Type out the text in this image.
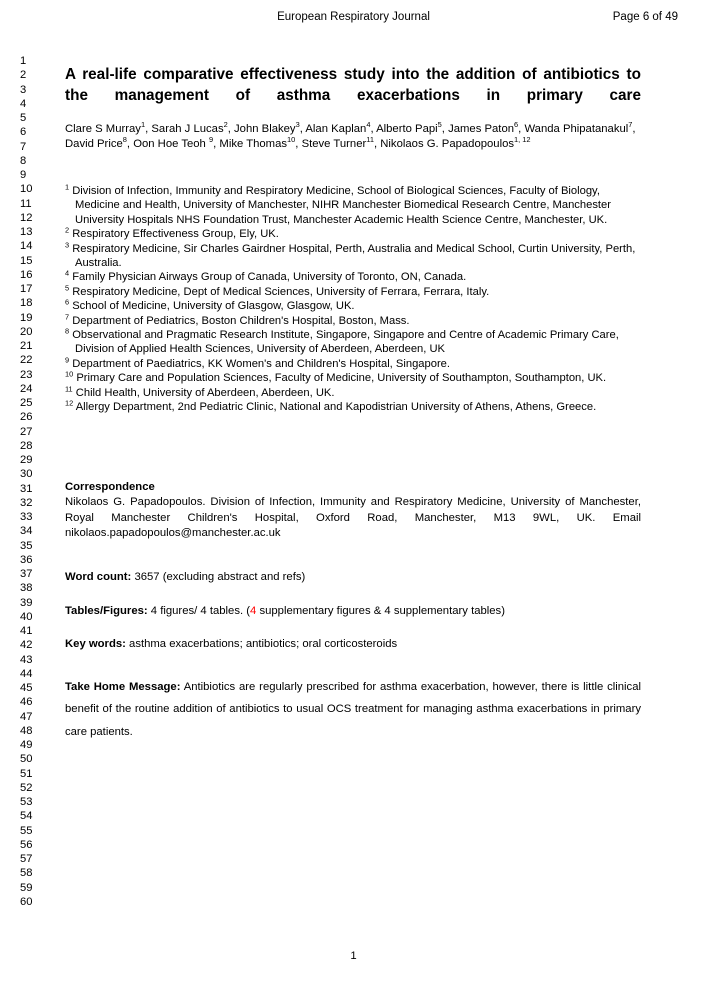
European Respiratory Journal	Page 6 of 49
1
2
3
4
5
6
7
8
9
10
11
12
13
14
15
16
17
18
19
20
21
22
23
24
25
26
27
28
29
30
31
32
33
34
35
36
37
38
39
40
41
42
43
44
45
46
47
48
49
50
51
52
53
54
55
56
57
58
59
60
A real-life comparative effectiveness study into the addition of antibiotics to the management of asthma exacerbations in primary care

Clare S Murray$^1$, Sarah J Lucas$^2$, John Blakey$^3$, Alan Kaplan$^4$, Alberto Papi$^5$, James Paton$^6$, Wanda Phipatanakul$^7$, David Price$^8$, Oon Hoe Teoh $^9$, Mike Thomas$^{10}$, Steve Turner$^{11}$, Nikolaos G. Papadopoulos$^{1, 12}$

$^1$ Division of Infection, Immunity and Respiratory Medicine, School of Biological Sciences, Faculty of Biology, Medicine and Health, University of Manchester, NIHR Manchester Biomedical Research Centre, Manchester University Hospitals NHS Foundation Trust, Manchester Academic Health Science Centre, Manchester, UK.
$^2$ Respiratory Effectiveness Group, Ely, UK.
$^3$ Respiratory Medicine, Sir Charles Gairdner Hospital, Perth, Australia and Medical School, Curtin University, Perth, Australia.
$^4$ Family Physician Airways Group of Canada, University of Toronto, ON, Canada.
$^5$ Respiratory Medicine, Dept of Medical Sciences, University of Ferrara, Ferrara, Italy.
$^6$ School of Medicine, University of Glasgow, Glasgow, UK.
$^7$ Department of Pediatrics, Boston Children's Hospital, Boston, Mass.
$^8$ Observational and Pragmatic Research Institute, Singapore, Singapore and Centre of Academic Primary Care, Division of Applied Health Sciences, University of Aberdeen, Aberdeen, UK
$^9$ Department of Paediatrics, KK Women's and Children's Hospital, Singapore.
$^{10}$ Primary Care and Population Sciences, Faculty of Medicine, University of Southampton, Southampton, UK.
$^{11}$ Child Health, University of Aberdeen, Aberdeen, UK.
$^{12}$ Allergy Department, 2nd Pediatric Clinic, National and Kapodistrian University of Athens, Athens, Greece.
Correspondence

Nikolaos G. Papadopoulos. Division of Infection, Immunity and Respiratory Medicine, University of Manchester, Royal Manchester Children's Hospital, Oxford Road, Manchester, M13 9WL, UK. Email nikolaos.papadopoulos@manchester.ac.uk

Word count: 3657 (excluding abstract and refs)

Tables/Figures: 4 figures/ 4 tables. (4 supplementary figures & 4 supplementary tables)

Key words: asthma exacerbations; antibiotics; oral corticosteroids

Take Home Message: Antibiotics are regularly prescribed for asthma exacerbation, however, there is little clinical benefit of the routine addition of antibiotics to usual OCS treatment for managing asthma exacerbations in primary care patients.

1
